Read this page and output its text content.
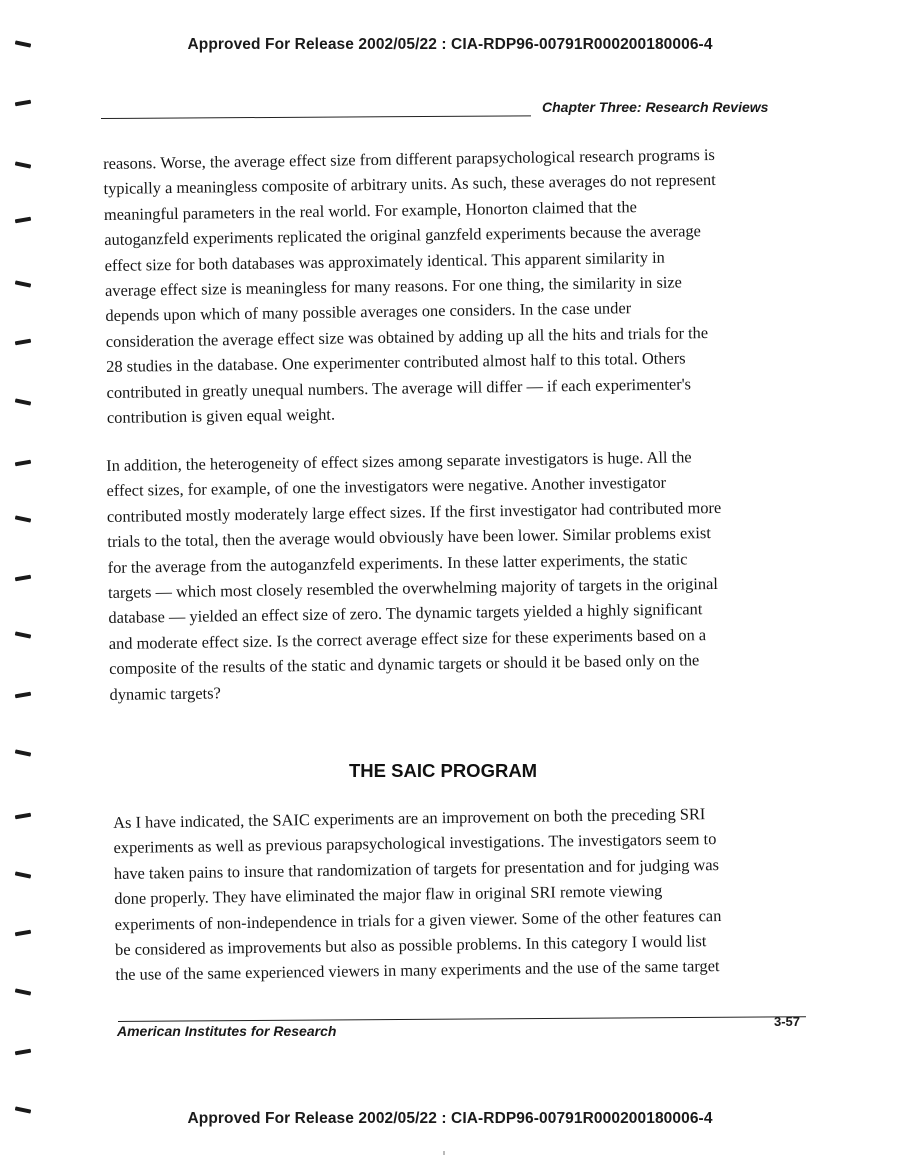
Approved For Release 2002/05/22 : CIA-RDP96-00791R000200180006-4
Chapter Three: Research Reviews
reasons. Worse, the average effect size from different parapsychological research programs is
typically a meaningless composite of arbitrary units. As such, these averages do not represent
meaningful parameters in the real world. For example, Honorton claimed that the
autoganzfeld experiments replicated the original ganzfeld experiments because the average
effect size for both databases was approximately identical. This apparent similarity in
average effect size is meaningless for many reasons. For one thing, the similarity in size
depends upon which of many possible averages one considers. In the case under
consideration the average effect size was obtained by adding up all the hits and trials for the
28 studies in the database. One experimenter contributed almost half to this total. Others
contributed in greatly unequal numbers. The average will differ — if each experimenter's
contribution is given equal weight.
In addition, the heterogeneity of effect sizes among separate investigators is huge. All the
effect sizes, for example, of one the investigators were negative. Another investigator
contributed mostly moderately large effect sizes. If the first investigator had contributed more
trials to the total, then the average would obviously have been lower. Similar problems exist
for the average from the autoganzfeld experiments. In these latter experiments, the static
targets — which most closely resembled the overwhelming majority of targets in the original
database — yielded an effect size of zero. The dynamic targets yielded a highly significant
and moderate effect size. Is the correct average effect size for these experiments based on a
composite of the results of the static and dynamic targets or should it be based only on the
dynamic targets?
THE SAIC PROGRAM
As I have indicated, the SAIC experiments are an improvement on both the preceding SRI
experiments as well as previous parapsychological investigations. The investigators seem to
have taken pains to insure that randomization of targets for presentation and for judging was
done properly. They have eliminated the major flaw in original SRI remote viewing
experiments of non-independence in trials for a given viewer. Some of the other features can
be considered as improvements but also as possible problems. In this category I would list
the use of the same experienced viewers in many experiments and the use of the same target
American Institutes for Research
3-57
Approved For Release 2002/05/22 : CIA-RDP96-00791R000200180006-4
